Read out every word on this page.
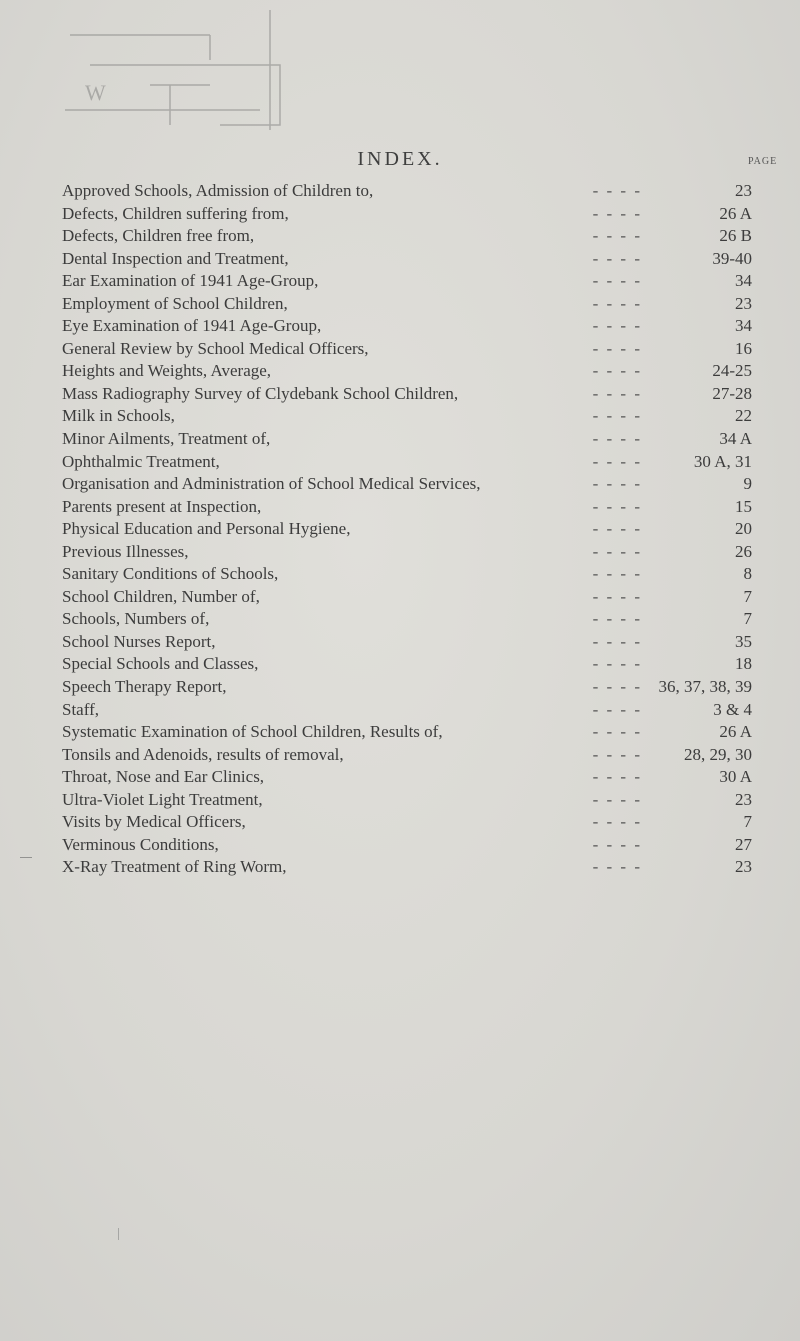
W
INDEX.	PAGE
Approved Schools, Admission of Children to,	- - - -	23
Defects, Children suffering from,	- - - -	26 A
Defects, Children free from,	- - - -	26 B
Dental Inspection and Treatment,	- - - -	39-40
Ear Examination of 1941 Age-Group,	- - - -	34
Employment of School Children,	- - - -	23
Eye Examination of 1941 Age-Group,	- - - -	34
General Review by School Medical Officers,	- - - -	16
Heights and Weights, Average,	- - - -	24-25
Mass Radiography Survey of Clydebank School Children,	- - - -	27-28
Milk in Schools,	- - - -	22
Minor Ailments, Treatment of,	- - - -	34 A
Ophthalmic Treatment,	- - - -	30 A, 31
Organisation and Administration of School Medical Services,	- - - -	9
Parents present at Inspection,	- - - -	15
Physical Education and Personal Hygiene,	- - - -	20
Previous Illnesses,	- - - -	26
Sanitary Conditions of Schools,	- - - -	8
School Children, Number of,	- - - -	7
Schools, Numbers of,	- - - -	7
School Nurses Report,	- - - -	35
Special Schools and Classes,	- - - -	18
Speech Therapy Report,	- - - - 36, 37, 38, 39
Staff,	- - - -	3 & 4
Systematic Examination of School Children, Results of,	- - - -	26 A
Tonsils and Adenoids, results of removal,	- - - - 28, 29, 30
Throat, Nose and Ear Clinics,	- - - -	30 A
Ultra-Violet Light Treatment,	- - - -	23
Visits by Medical Officers,	- - - -	7
Verminous Conditions,	- - - -	27
X-Ray Treatment of Ring Worm,	- - - -	23
